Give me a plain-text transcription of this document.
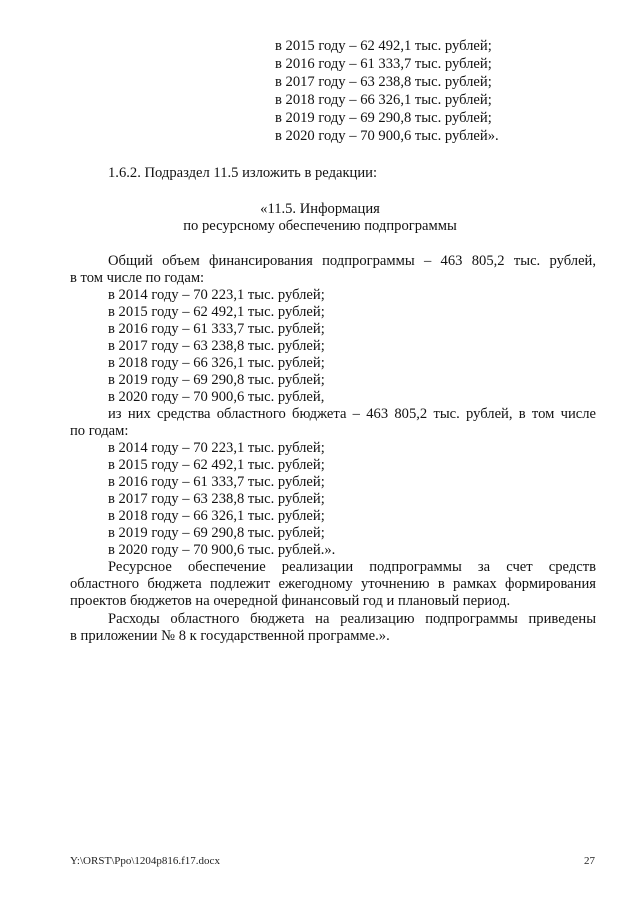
в 2015 году – 62 492,1 тыс. рублей;
в 2016 году – 61 333,7 тыс. рублей;
в 2017 году – 63 238,8 тыс. рублей;
в 2018 году – 66 326,1 тыс. рублей;
в 2019 году – 69 290,8 тыс. рублей;
в 2020 году – 70 900,6 тыс. рублей».
1.6.2. Подраздел 11.5 изложить в редакции:
«11.5. Информация
по ресурсному обеспечению подпрограммы
Общий объем финансирования подпрограммы – 463 805,2 тыс. рублей,
в том числе по годам:
в 2014 году – 70 223,1 тыс. рублей;
в 2015 году – 62 492,1 тыс. рублей;
в 2016 году – 61 333,7 тыс. рублей;
в 2017 году – 63 238,8 тыс. рублей;
в 2018 году – 66 326,1 тыс. рублей;
в 2019 году – 69 290,8 тыс. рублей;
в 2020 году – 70 900,6 тыс. рублей,
из них средства областного бюджета – 463 805,2 тыс. рублей, в том числе
по годам:
в 2014 году – 70 223,1 тыс. рублей;
в 2015 году – 62 492,1 тыс. рублей;
в 2016 году – 61 333,7 тыс. рублей;
в 2017 году – 63 238,8 тыс. рублей;
в 2018 году – 66 326,1 тыс. рублей;
в 2019 году – 69 290,8 тыс. рублей;
в 2020 году – 70 900,6 тыс. рублей.».
Ресурсное обеспечение реализации подпрограммы за счет средств
областного бюджета подлежит ежегодному уточнению в рамках формирования
проектов бюджетов на очередной финансовый год и плановый период.
Расходы областного бюджета на реализацию подпрограммы приведены
в приложении № 8 к государственной программе.».
Y:\ORST\Ppo\1204p816.f17.docx	27
